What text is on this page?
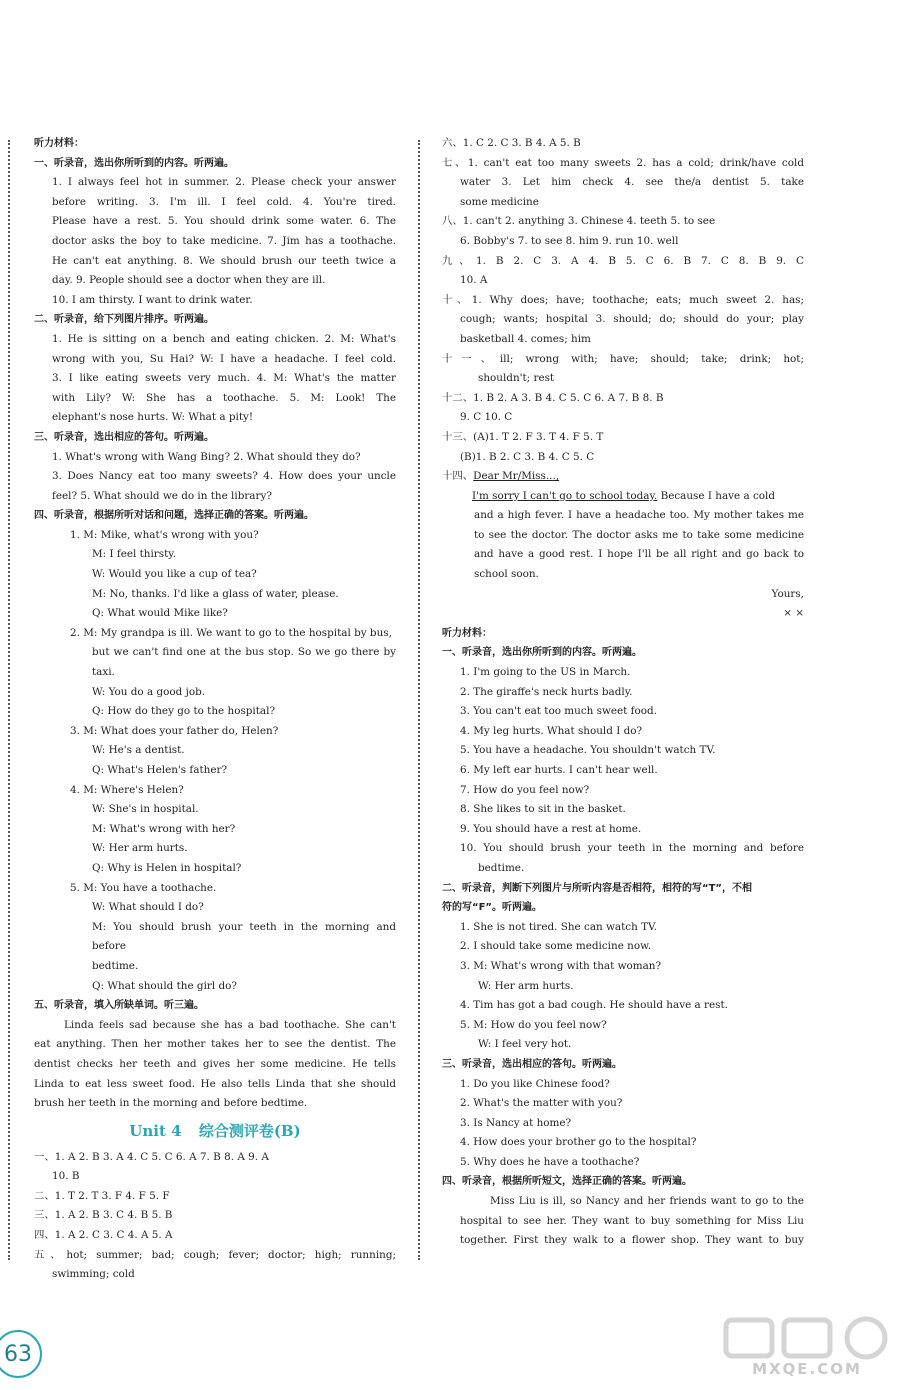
听力材料：
一、听录音，选出你所听到的内容。听两遍。
1. I always feel hot in summer. 2. Please check your answer
before writing. 3. I'm ill. I feel cold. 4. You're tired.
Please have a rest. 5. You should drink some water. 6. The
doctor asks the boy to take medicine. 7. Jim has a toothache.
He can't eat anything. 8. We should brush our teeth twice a
day. 9. People should see a doctor when they are ill.
10. I am thirsty. I want to drink water.
二、听录音，给下列图片排序。听两遍。
1. He is sitting on a bench and eating chicken. 2. M: What's
wrong with you, Su Hai? W: I have a headache. I feel cold.
3. I like eating sweets very much. 4. M: What's the matter
with Lily? W: She has a toothache. 5. M: Look! The
elephant's nose hurts. W: What a pity!
三、听录音，选出相应的答句。听两遍。
1. What's wrong with Wang Bing? 2. What should they do?
3. Does Nancy eat too many sweets? 4. How does your uncle
feel? 5. What should we do in the library?
四、听录音，根据所听对话和问题，选择正确的答案。听两遍。
1. M: Mike, what's wrong with you?
M: I feel thirsty.
W: Would you like a cup of tea?
M: No, thanks. I'd like a glass of water, please.
Q: What would Mike like?
2. M: My grandpa is ill. We want to go to the hospital by bus,
but we can't find one at the bus stop. So we go there by
taxi.
W: You do a good job.
Q: How do they go to the hospital?
3. M: What does your father do, Helen?
W: He's a dentist.
Q: What's Helen's father?
4. M: Where's Helen?
W: She's in hospital.
M: What's wrong with her?
W: Her arm hurts.
Q: Why is Helen in hospital?
5. M: You have a toothache.
W: What should I do?
M: You should brush your teeth in the morning and before
bedtime.
Q: What should the girl do?
五、听录音，填入所缺单词。听三遍。
Linda feels sad because she has a bad toothache. She can't
eat anything. Then her mother takes her to see the dentist. The
dentist checks her teeth and gives her some medicine. He tells
Linda to eat less sweet food. He also tells Linda that she should
brush her teeth in the morning and before bedtime.
Unit 4 综合测评卷(B)
一、1. A 2. B 3. A 4. C 5. C 6. A 7. B 8. A 9. A
10. B
二、1. T 2. T 3. F 4. F 5. F
三、1. A 2. B 3. C 4. B 5. B
四、1. A 2. C 3. C 4. A 5. A
五、hot; summer; bad; cough; fever; doctor; high; running;
swimming; cold
六、1. C 2. C 3. B 4. A 5. B
七、1. can't eat too many sweets 2. has a cold; drink/have cold
water 3. Let him check 4. see the/a dentist 5. take
some medicine
八、1. can't 2. anything 3. Chinese 4. teeth 5. to see
6. Bobby's 7. to see 8. him 9. run 10. well
九、1. B 2. C 3. A 4. B 5. C 6. B 7. C 8. B 9. C
10. A
十、1. Why does; have; toothache; eats; much sweet 2. has;
cough; wants; hospital 3. should; do; should do your; play
basketball 4. comes; him
十一、ill; wrong with; have; should; take; drink; hot;
shouldn't; rest
十二、1. B 2. A 3. B 4. C 5. C 6. A 7. B 8. B
9. C 10. C
十三、(A)1. T 2. F 3. T 4. F 5. T
(B)1. B 2. C 3. B 4. C 5. C
十四、Dear Mr/Miss...,
I'm sorry I can't go to school today. Because I have a cold
and a high fever. I have a headache too. My mother takes me
to see the doctor. The doctor asks me to take some medicine
and have a good rest. I hope I'll be all right and go back to
school soon.
Yours,
× ×
听力材料：
一、听录音，选出你所听到的内容。听两遍。
1. I'm going to the US in March.
2. The giraffe's neck hurts badly.
3. You can't eat too much sweet food.
4. My leg hurts. What should I do?
5. You have a headache. You shouldn't watch TV.
6. My left ear hurts. I can't hear well.
7. How do you feel now?
8. She likes to sit in the basket.
9. You should have a rest at home.
10. You should brush your teeth in the morning and before
bedtime.
二、听录音，判断下列图片与所听内容是否相符，相符的写“T”，不相
符的写“F”。听两遍。
1. She is not tired. She can watch TV.
2. I should take some medicine now.
3. M: What's wrong with that woman?
W: Her arm hurts.
4. Tim has got a bad cough. He should have a rest.
5. M: How do you feel now?
W: I feel very hot.
三、听录音，选出相应的答句。听两遍。
1. Do you like Chinese food?
2. What's the matter with you?
3. Is Nancy at home?
4. How does your brother go to the hospital?
5. Why does he have a toothache?
四、听录音，根据所听短文，选择正确的答案。听两遍。
Miss Liu is ill, so Nancy and her friends want to go to the
hospital to see her. They want to buy something for Miss Liu
together. First they walk to a flower shop. They want to buy
63
MXQE.COM
